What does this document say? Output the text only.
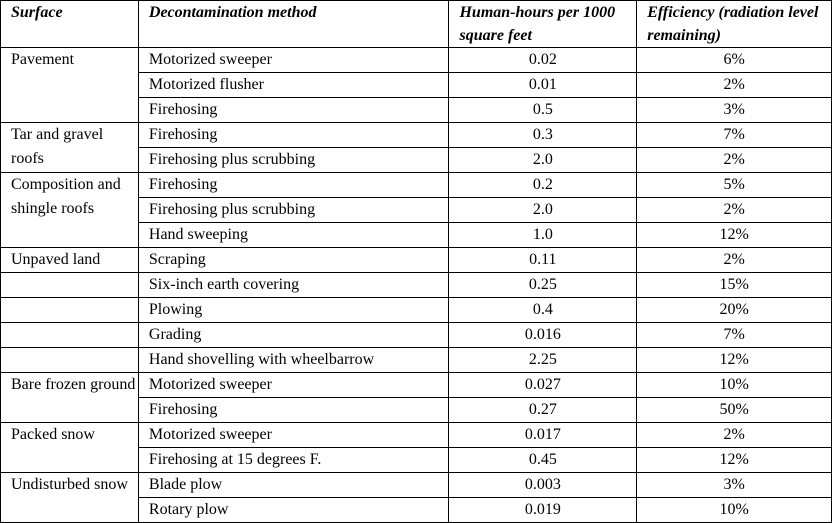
Surface	Decontamination method	Human-hours per 1000 square feet	Efficiency (radiation level remaining)
Pavement	Motorized sweeper	0.02	6%
	Motorized flusher	0.01	2%
	Firehosing	0.5	3%
Tar and gravel roofs	Firehosing	0.3	7%
	Firehosing plus scrubbing	2.0	2%
Composition and shingle roofs	Firehosing	0.2	5%
	Firehosing plus scrubbing	2.0	2%
	Hand sweeping	1.0	12%
Unpaved land	Scraping	0.11	2%
	Six-inch earth covering	0.25	15%
	Plowing	0.4	20%
	Grading	0.016	7%
	Hand shovelling with wheelbarrow	2.25	12%
Bare frozen ground	Motorized sweeper	0.027	10%
	Firehosing	0.27	50%
Packed snow	Motorized sweeper	0.017	2%
	Firehosing at 15 degrees F.	0.45	12%
Undisturbed snow	Blade plow	0.003	3%
	Rotary plow	0.019	10%
